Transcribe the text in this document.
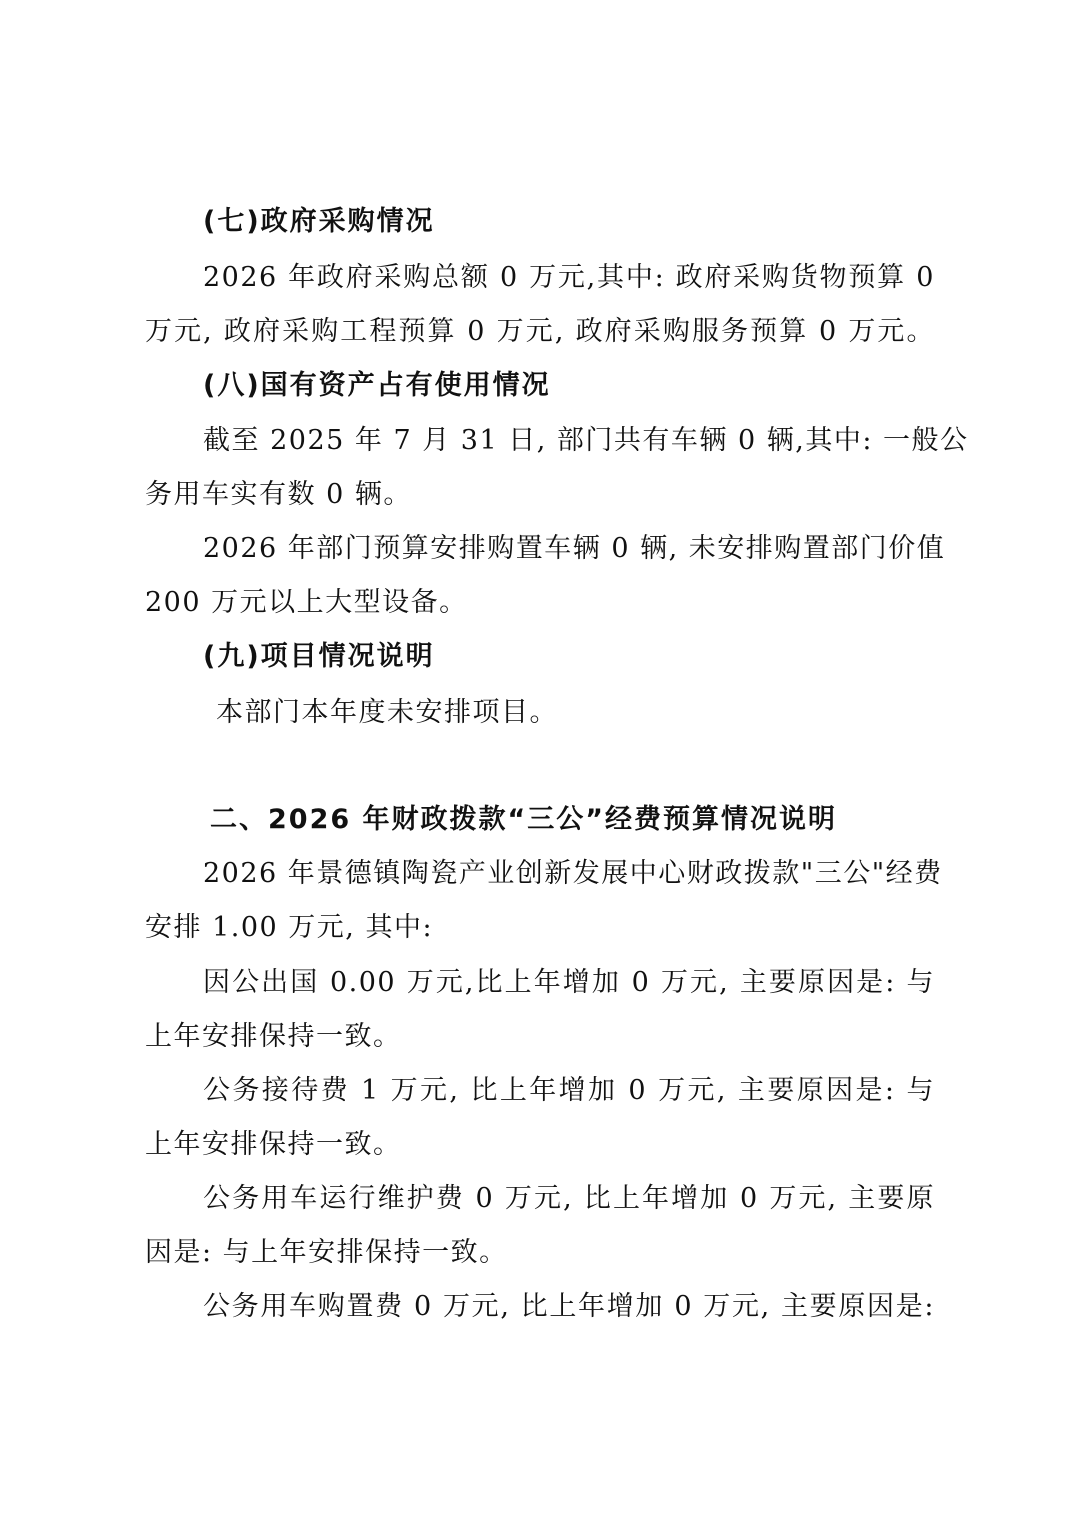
(七)政府采购情况
2026 年政府采购总额 0 万元,其中: 政府采购货物预算 0
万元, 政府采购工程预算 0 万元, 政府采购服务预算 0 万元。
(八)国有资产占有使用情况
截至 2025 年 7 月 31 日, 部门共有车辆 0 辆,其中: 一般公
务用车实有数 0 辆。
2026 年部门预算安排购置车辆 0 辆, 未安排购置部门价值
200 万元以上大型设备。
(九)项目情况说明
本部门本年度未安排项目。
二、2026 年财政拨款“三公”经费预算情况说明
2026 年景德镇陶瓷产业创新发展中心财政拨款"三公"经费
安排 1.00 万元, 其中:
因公出国 0.00 万元,比上年增加 0 万元, 主要原因是: 与
上年安排保持一致。
公务接待费 1 万元, 比上年增加 0 万元, 主要原因是: 与
上年安排保持一致。
公务用车运行维护费 0 万元, 比上年增加 0 万元, 主要原
因是: 与上年安排保持一致。
公务用车购置费 0 万元, 比上年增加 0 万元, 主要原因是:
